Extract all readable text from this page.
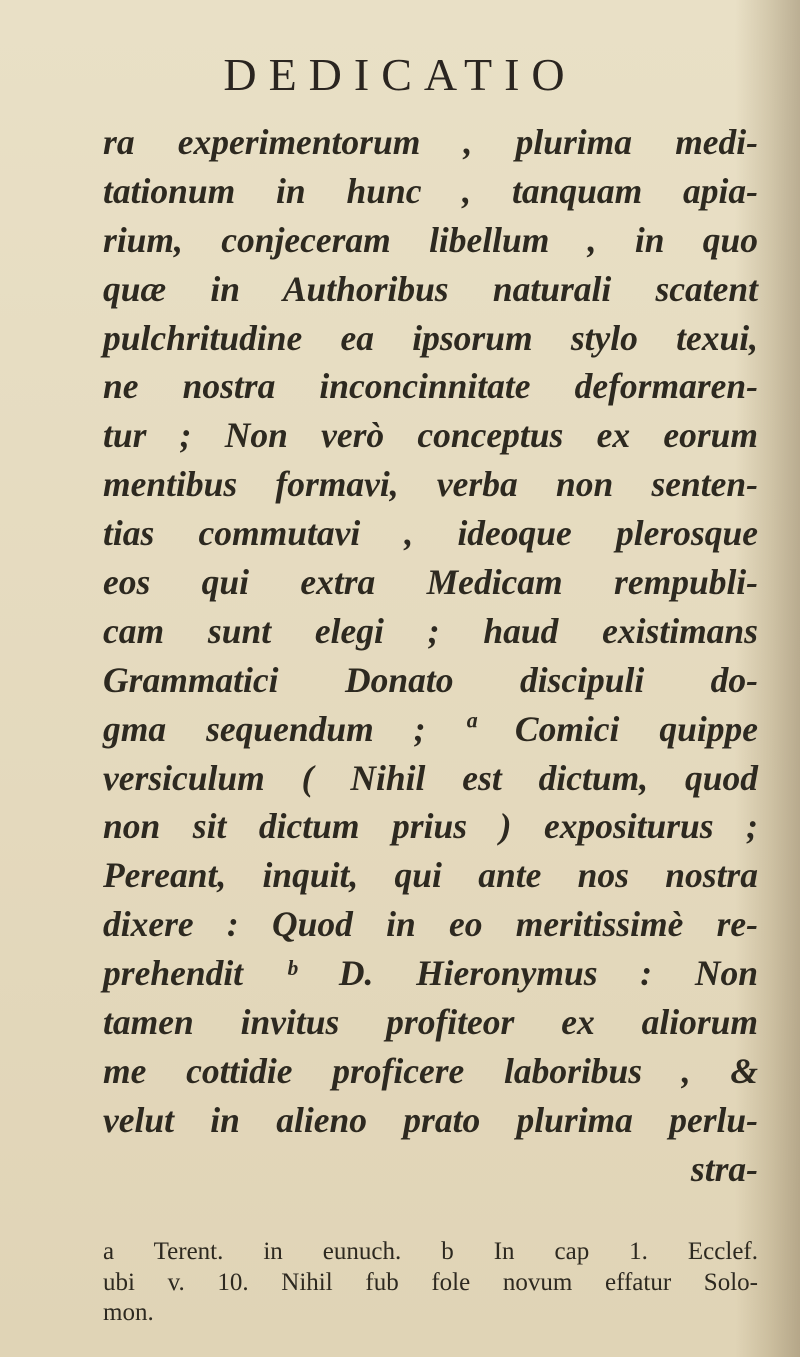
DEDICATIO
ra experimentorum , plurima medi-
tationum in hunc , tanquam apia-
rium, conjeceram libellum , in quo
quæ in Authoribus naturali scatent
pulchritudine ea ipsorum stylo texui,
ne nostra inconcinnitate deformaren-
tur ; Non verò conceptus ex eorum
mentibus formavi, verba non senten-
tias commutavi , ideoque plerosque
eos qui extra Medicam rempubli-
cam sunt elegi ; haud existimans
Grammatici Donato discipuli do-
gma sequendum ; ª Comici quippe
versiculum ( Nihil est dictum, quod
non sit dictum prius ) expositurus ;
Pereant, inquit, qui ante nos nostra
dixere : Quod in eo meritissimè re-
prehendit ᵇ D. Hieronymus : Non
tamen invitus profiteor ex aliorum
me cottidie proficere laboribus , &
velut in alieno prato plurima perlu-
stra-
a Terent. in eunuch. b In cap 1. Ecclef.
ubi v. 10. Nihil fub fole novum effatur Solo-
mon.
